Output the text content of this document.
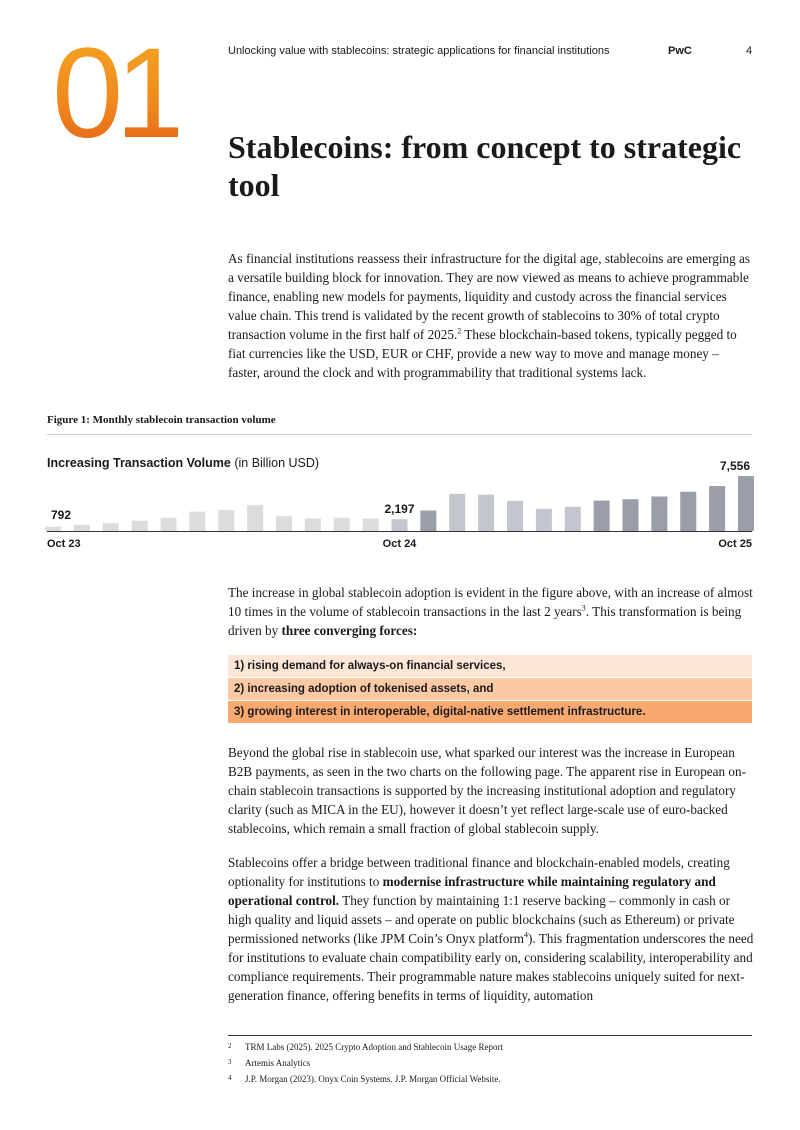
01	Unlocking value with stablecoins: strategic applications for financial institutions	PwC	4
Stablecoins: from concept to strategic tool
As financial institutions reassess their infrastructure for the digital age, stablecoins are emerging as a versatile building block for innovation. They are now viewed as means to achieve programmable finance, enabling new models for payments, liquidity and custody across the financial services value chain. This trend is validated by the recent growth of stablecoins to 30% of total crypto transaction volume in the first half of 2025.$^2$ These blockchain-based tokens, typically pegged to fiat currencies like the USD, EUR or CHF, provide a new way to move and manage money – faster, around the clock and with programmability that traditional systems lack.
Figure 1: Monthly stablecoin transaction volume
Increasing Transaction Volume (in Billion USD)
792	2,197
7,556
Oct 23	Oct 24	Oct 25
The increase in global stablecoin adoption is evident in the figure above, with an increase of almost 10 times in the volume of stablecoin transactions in the last 2 years$^3$. This transformation is being driven by three converging forces:
1) rising demand for always-on financial services,
2) increasing adoption of tokenised assets, and
3) growing interest in interoperable, digital-native settlement infrastructure.
Beyond the global rise in stablecoin use, what sparked our interest was the increase in European B2B payments, as seen in the two charts on the following page. The apparent rise in European on-chain stablecoin transactions is supported by the increasing institutional adoption and regulatory clarity (such as MICA in the EU), however it doesn’t yet reflect large-scale use of euro-backed stablecoins, which remain a small fraction of global stablecoin supply.
Stablecoins offer a bridge between traditional finance and blockchain-enabled models, creating optionality for institutions to modernise infrastructure while maintaining regulatory and operational control. They function by maintaining 1:1 reserve backing – commonly in cash or high quality and liquid assets – and operate on public blockchains (such as Ethereum) or private permissioned networks (like JPM Coin’s Onyx platform$^4$). This fragmentation underscores the need for institutions to evaluate chain compatibility early on, considering scalability, interoperability and compliance requirements. Their programmable nature makes stablecoins uniquely suited for next-generation finance, offering benefits in terms of liquidity, automation
2 TRM Labs (2025). 2025 Crypto Adoption and Stablecoin Usage Report
3 Artemis Analytics
4 J.P. Morgan (2023). Onyx Coin Systems. J.P. Morgan Official Website.
